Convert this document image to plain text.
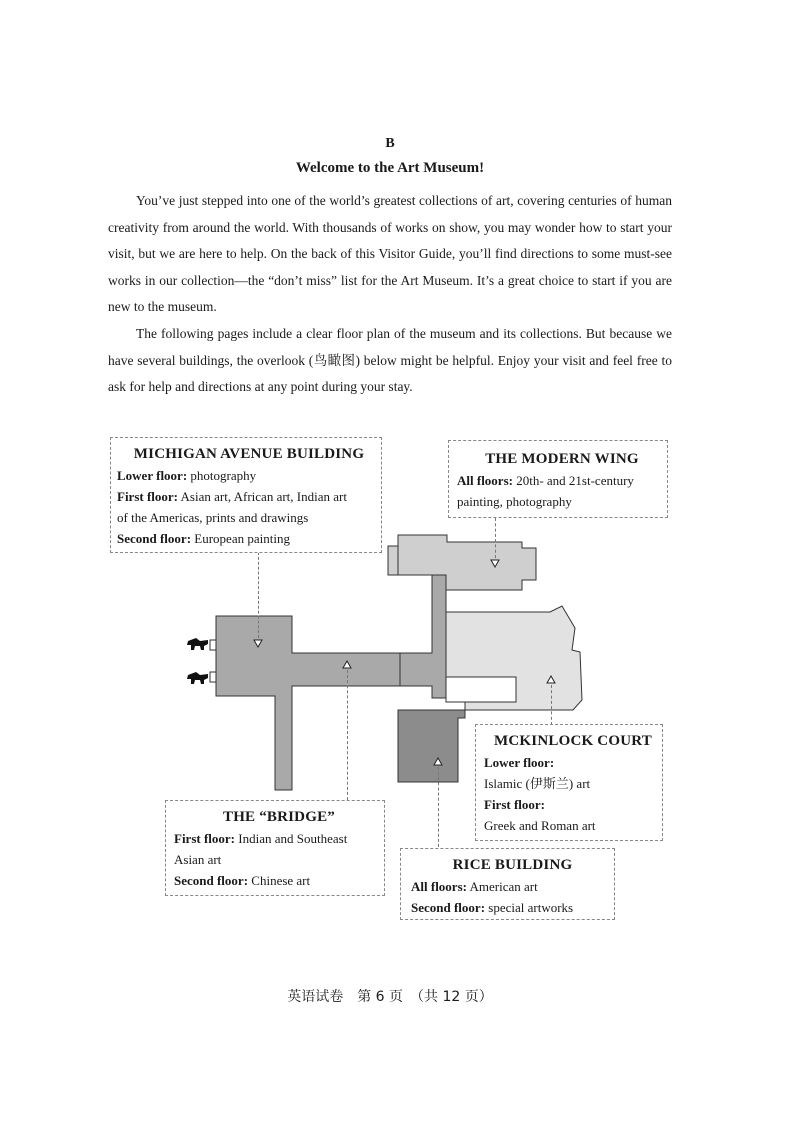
B
Welcome to the Art Museum!

You’ve just stepped into one of the world’s greatest collections of art, covering centuries of human creativity from around the world. With thousands of works on show, you may wonder how to start your visit, but we are here to help. On the back of this Visitor Guide, you’ll find directions to some must-see works in our collection—the “don’t miss” list for the Art Museum. It’s a great choice to start if you are new to the museum.

The following pages include a clear floor plan of the museum and its collections. But because we have several buildings, the overlook (鸟瞰图) below might be helpful. Enjoy your visit and feel free to ask for help and directions at any point during your stay.

MICHIGAN AVENUE BUILDING
Lower floor: photography
First floor: Asian art, African art, Indian art
of the Americas, prints and drawings
Second floor: European painting
THE MODERN WING
All floors: 20th- and 21st-century
painting, photography
MCKINLOCK COURT
Lower floor:
Islamic (伊斯兰) art
First floor:
Greek and Roman art
THE “BRIDGE”
First floor: Indian and Southeast
Asian art
Second floor: Chinese art
RICE BUILDING
All floors: American art
Second floor: special artworks
英语试卷　第 6 页　（共 12 页）
